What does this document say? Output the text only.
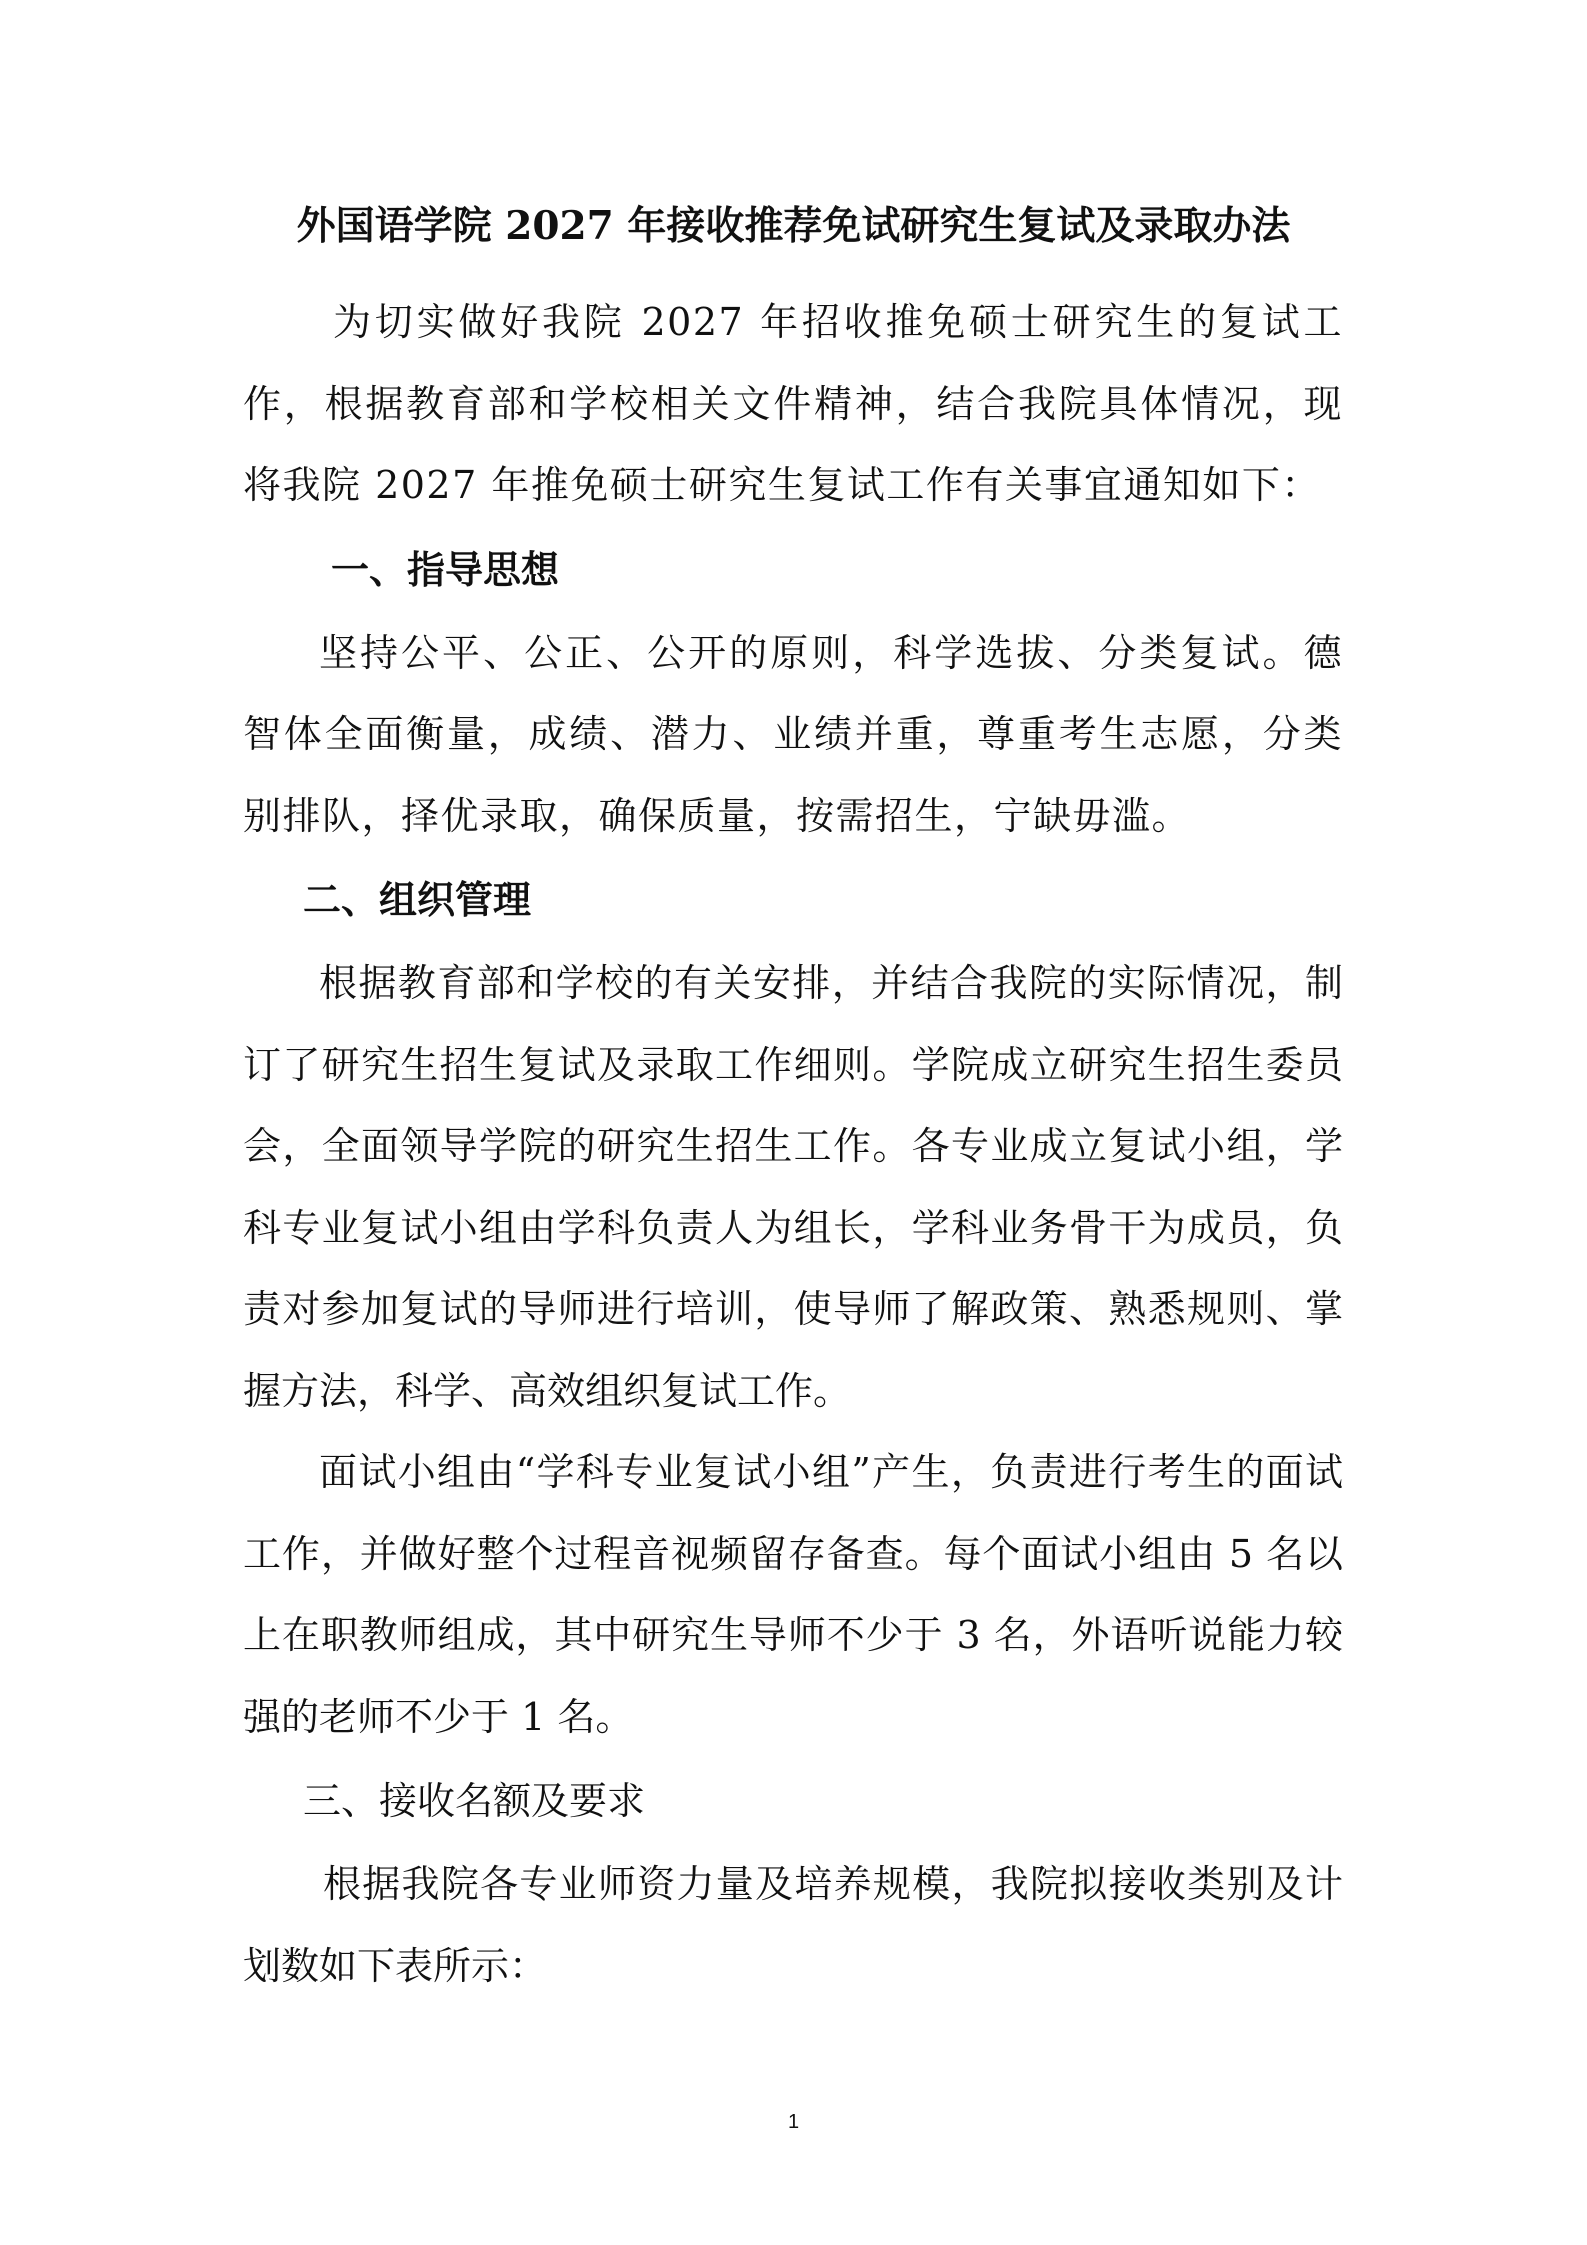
外国语学院 2027 年接收推荐免试研究生复试及录取办法

为切实做好我院 2027 年招收推免硕士研究生的复试工作，根据教育部和学校相关文件精神，结合我院具体情况，现将我院 2027 年推免硕士研究生复试工作有关事宜通知如下：

一、指导思想

坚持公平、公正、公开的原则，科学选拔、分类复试。德智体全面衡量，成绩、潜力、业绩并重，尊重考生志愿，分类别排队，择优录取，确保质量，按需招生，宁缺毋滥。

二、组织管理

根据教育部和学校的有关安排，并结合我院的实际情况，制订了研究生招生复试及录取工作细则。学院成立研究生招生委员会，全面领导学院的研究生招生工作。各专业成立复试小组，学科专业复试小组由学科负责人为组长，学科业务骨干为成员，负责对参加复试的导师进行培训，使导师了解政策、熟悉规则、掌握方法，科学、高效组织复试工作。

面试小组由“学科专业复试小组”产生，负责进行考生的面试工作，并做好整个过程音视频留存备查。每个面试小组由 5 名以上在职教师组成，其中研究生导师不少于 3 名，外语听说能力较强的老师不少于 1 名。

三、接收名额及要求

根据我院各专业师资力量及培养规模，我院拟接收类别及计划数如下表所示：

1
